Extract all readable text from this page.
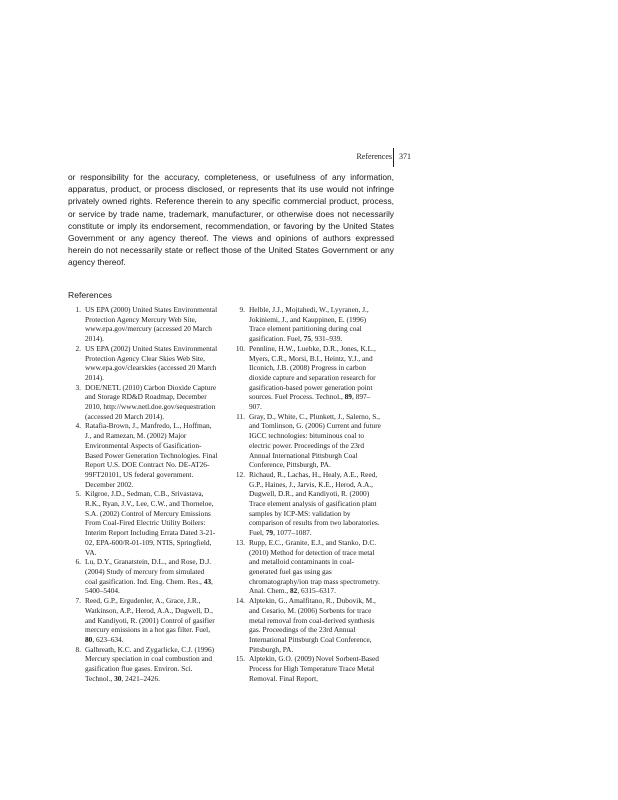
References 371

or responsibility for the accuracy, completeness, or usefulness of any information, apparatus, product, or process disclosed, or represents that its use would not infringe privately owned rights. Reference therein to any specific commercial product, process, or service by trade name, trademark, manufacturer, or otherwise does not necessarily constitute or imply its endorsement, recommendation, or favoring by the United States Government or any agency thereof. The views and opinions of authors expressed herein do not necessarily state or reflect those of the United States Government or any agency thereof.

References
1. US EPA (2000) United States Environmental Protection Agency Mercury Web Site, www.epa.gov/mercury (accessed 20 March 2014).
2. US EPA (2002) United States Environmental Protection Agency Clear Skies Web Site, www.epa.gov/clearskies (accessed 20 March 2014).
3. DOE/NETL (2010) Carbon Dioxide Capture and Storage RD&D Roadmap, December 2010, http://www.netl.doe.gov/sequestration (accessed 20 March 2014).
4. Ratafia-Brown, J., Manfredo, L., Hoffman, J., and Ramezan, M. (2002) Major Environmental Aspects of Gasification-Based Power Generation Technologies. Final Report U.S. DOE Contract No. DE-AT26-99FT20101, US federal government. December 2002.
5. Kilgroe, J.D., Sedman, C.B., Srivastava, R.K., Ryan, J.V., Lee, C.W., and Thorneloe, S.A. (2002) Control of Mercury Emissions From Coal-Fired Electric Utility Boilers: Interim Report Including Errata Dated 3-21-02, EPA-600/R-01-109, NTIS, Springfield, VA.
6. Lu, D.Y., Granatstein, D.L., and Rose, D.J. (2004) Study of mercury from simulated coal gasification. Ind. Eng. Chem. Res., 43, 5400–5404.
7. Reed, G.P., Ergudenler, A., Grace, J.R., Watkinson, A.P., Herod, A.A., Dugwell, D., and Kandiyoti, R. (2001) Control of gasifier mercury emissions in a hot gas filter. Fuel, 80, 623–634.
8. Galbreath, K.C. and Zygarlicke, C.J. (1996) Mercury speciation in coal combustion and gasification flue gases. Environ. Sci. Technol., 30, 2421–2426.
9. Helble, J.J., Mojtahedi, W., Lyyranen, J., Jokiniemi, J., and Kauppinen, E. (1996) Trace element partitioning during coal gasification. Fuel, 75, 931–939.
10. Pennline, H.W., Luebke, D.R., Jones, K.L., Myers, C.R., Morsi, B.I., Heintz, Y.J., and Ilconich, J.B. (2008) Progress in carbon dioxide capture and separation research for gasification-based power generation point sources. Fuel Process. Technol., 89, 897–907.
11. Gray, D., White, C., Plunkett, J., Salerno, S., and Tomlinson, G. (2006) Current and future IGCC technologies: bituminous coal to electric power. Proceedings of the 23rd Annual International Pittsburgh Coal Conference, Pittsburgh, PA.
12. Richaud, R., Lachas, H., Healy, A.E., Reed, G.P., Haines, J., Jarvis, K.E., Herod, A.A., Dugwell, D.R., and Kandiyoti, R. (2000) Trace element analysis of gasification plant samples by ICP-MS: validation by comparison of results from two laboratories. Fuel, 79, 1077–1087.
13. Rupp, E.C., Granite, E.J., and Stanko, D.C. (2010) Method for detection of trace metal and metalloid contaminants in coal-generated fuel gas using gas chromatography/ion trap mass spectrometry. Anal. Chem., 82, 6315–6317.
14. Alptekin, G., Amalfitano, R., Dubovik, M., and Cesario, M. (2006) Sorbents for trace metal removal from coal-derived synthesis gas. Proceedings of the 23rd Annual International Pittsburgh Coal Conference, Pittsburgh, PA.
15. Alptekin, G.O. (2009) Novel Sorbent-Based Process for High Temperature Trace Metal Removal. Final Report,
